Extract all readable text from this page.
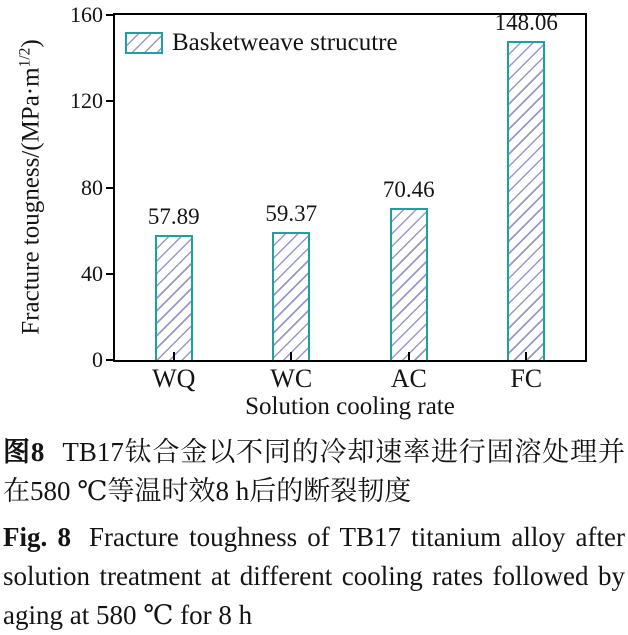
Fracture tougness/$(MPa\cdot m^{1/2})$	Basketweave strucutre
0
40
80
120
160
57.89
WQ
59.37
WC
70.46
AC
148.06
FC
Solution cooling rate

图8 TB17钛合金以不同的冷却速率进行固溶处理并在580 ℃等温时效8 h后的断裂韧度

Fig. 8 Fracture toughness of TB17 titanium alloy after solution treatment at different cooling rates followed by aging at 580 ℃ for 8 h
